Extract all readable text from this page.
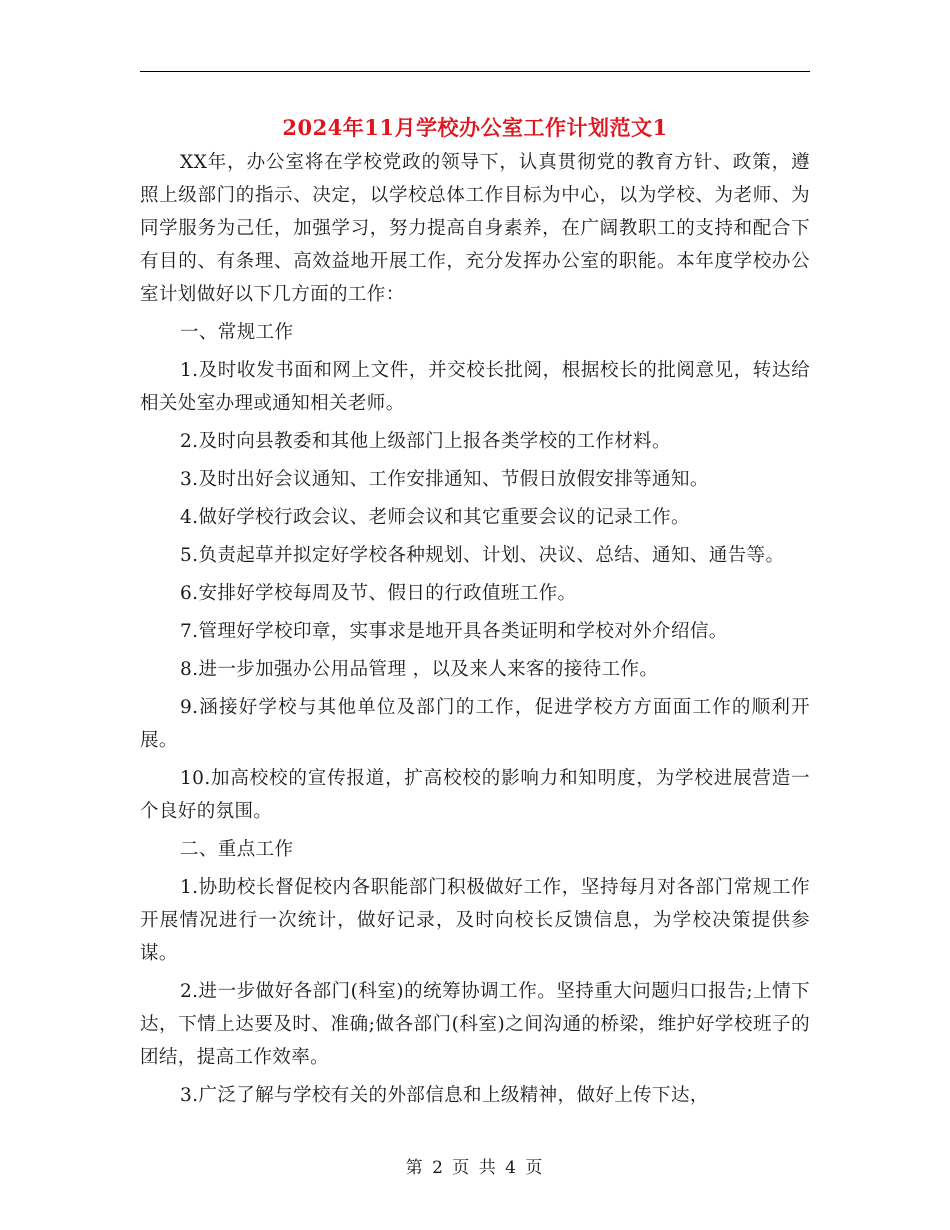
2024年11月学校办公室工作计划范文1

XX年，办公室将在学校党政的领导下，认真贯彻党的教育方针、政策，遵照上级部门的指示、决定，以学校总体工作目标为中心，以为学校、为老师、为同学服务为己任，加强学习，努力提高自身素养，在广阔教职工的支持和配合下有目的、有条理、高效益地开展工作，充分发挥办公室的职能。本年度学校办公室计划做好以下几方面的工作：

一、常规工作

1.及时收发书面和网上文件，并交校长批阅，根据校长的批阅意见，转达给相关处室办理或通知相关老师。

2.及时向县教委和其他上级部门上报各类学校的工作材料。

3.及时出好会议通知、工作安排通知、节假日放假安排等通知。

4.做好学校行政会议、老师会议和其它重要会议的记录工作。

5.负责起草并拟定好学校各种规划、计划、决议、总结、通知、通告等。

6.安排好学校每周及节、假日的行政值班工作。

7.管理好学校印章，实事求是地开具各类证明和学校对外介绍信。

8.进一步加强办公用品管理 ，以及来人来客的接待工作。

9.涵接好学校与其他单位及部门的工作，促进学校方方面面工作的顺利开展。

10.加高校校的宣传报道，扩高校校的影响力和知明度，为学校进展营造一个良好的氛围。

二、重点工作

1.协助校长督促校内各职能部门积极做好工作，坚持每月对各部门常规工作开展情况进行一次统计，做好记录，及时向校长反馈信息，为学校决策提供参谋。

2.进一步做好各部门(科室)的统筹协调工作。坚持重大问题归口报告;上情下达，下情上达要及时、准确;做各部门(科室)之间沟通的桥梁，维护好学校班子的团结，提高工作效率。

3.广泛了解与学校有关的外部信息和上级精神，做好上传下达，

第 2 页 共 4 页
